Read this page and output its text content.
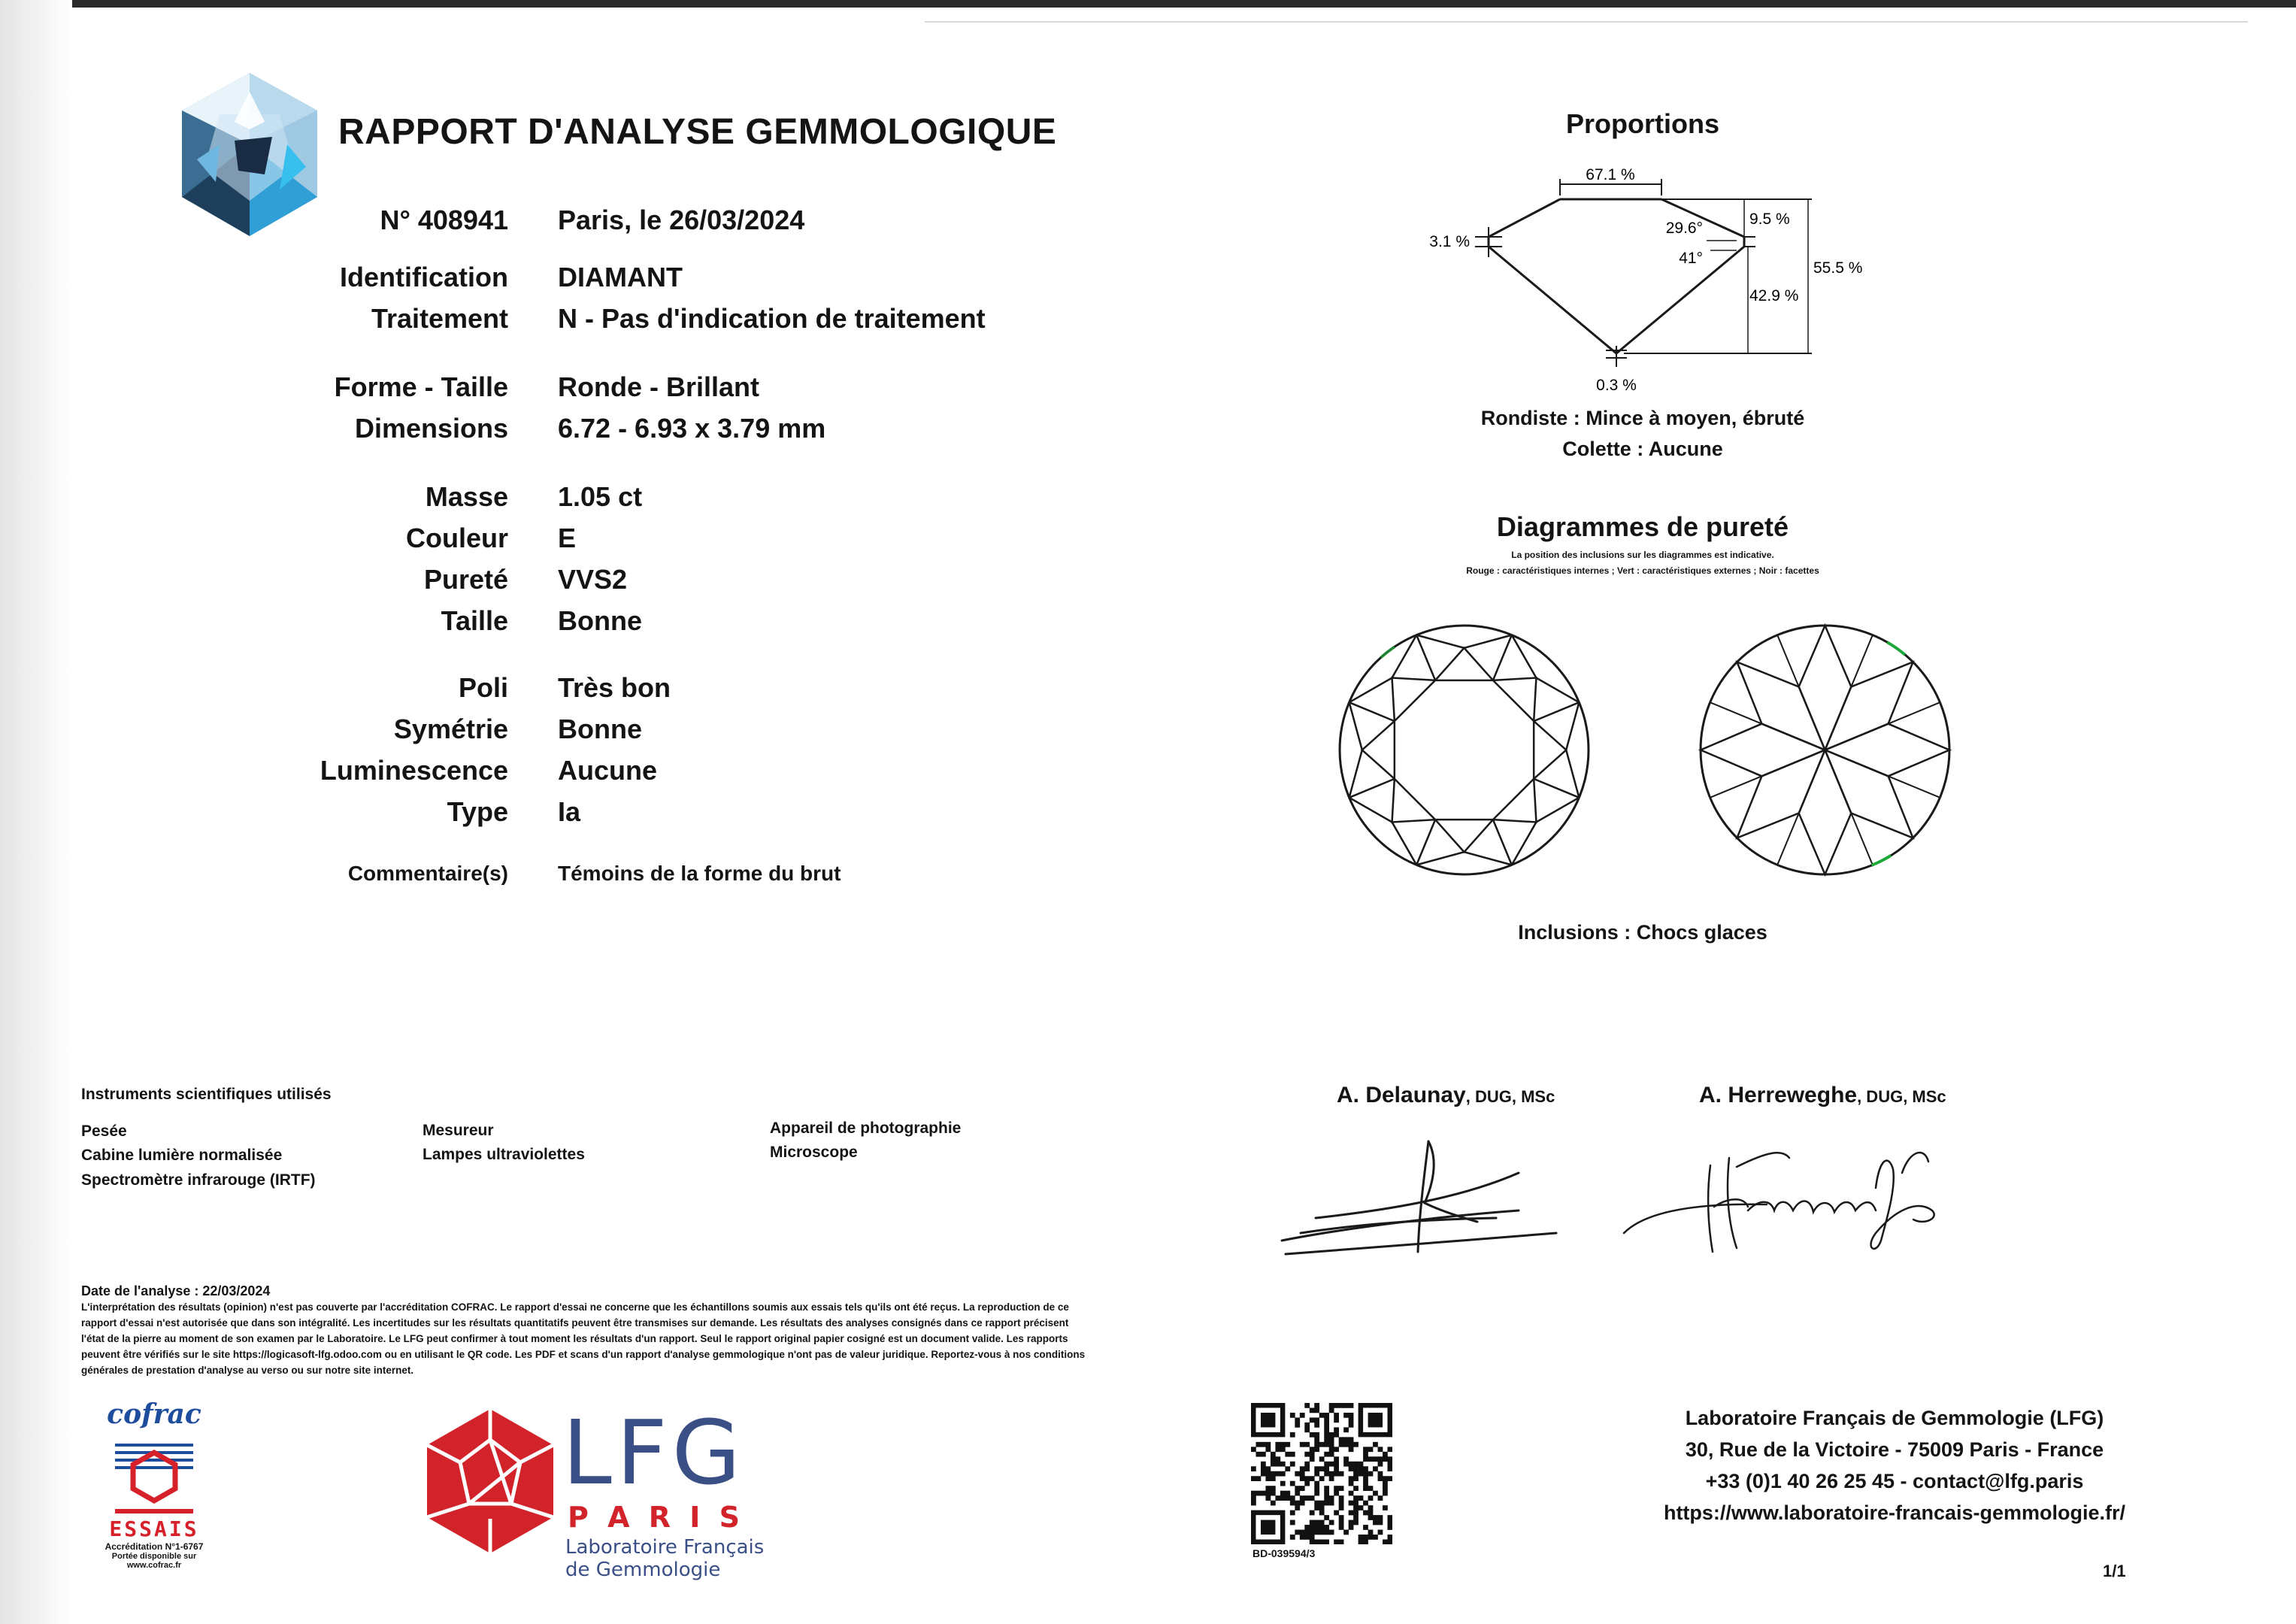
RAPPORT D'ANALYSE GEMMOLOGIQUE
N° 408941 Paris, le 26/03/2024
Identification DIAMANT
Traitement N - Pas d'indication de traitement
Forme - Taille Ronde - Brillant
Dimensions 6.72 - 6.93 x 3.79 mm
Masse 1.05 ct
Couleur E
Pureté VVS2
Taille Bonne
Poli Très bon
Symétrie Bonne
Luminescence Aucune
Type Ia
Commentaire(s) Témoins de la forme du brut
Proportions
67.1 %
29.6°
41°
9.5 %
42.9 %
55.5 %
3.1 %
0.3 %
Rondiste : Mince à moyen, ébruté
Colette : Aucune
Diagrammes de pureté
La position des inclusions sur les diagrammes est indicative.
Rouge : caractéristiques internes ; Vert : caractéristiques externes ; Noir : facettes
Inclusions : Chocs glaces
Instruments scientifiques utilisés
Pesée
Cabine lumière normalisée
Spectromètre infrarouge (IRTF)
Mesureur
Lampes ultraviolettes
Appareil de photographie
Microscope
Date de l'analyse : 22/03/2024
L'interprétation des résultats (opinion) n'est pas couverte par l'accréditation COFRAC. Le rapport d'essai ne concerne que les échantillons soumis aux essais tels qu'ils ont été reçus. La reproduction de ce rapport d'essai n'est autorisée que dans son intégralité. Les incertitudes sur les résultats quantitatifs peuvent être transmises sur demande. Les résultats des analyses consignés dans ce rapport précisent l'état de la pierre au moment de son examen par le Laboratoire. Le LFG peut confirmer à tout moment les résultats d'un rapport. Seul le rapport original papier cosigné est un document valide. Les rapports peuvent être vérifiés sur le site https://logicasoft-lfg.odoo.com ou en utilisant le QR code. Les PDF et scans d'un rapport d'analyse gemmologique n'ont pas de valeur juridique. Reportez-vous à nos conditions générales de prestation d'analyse au verso ou sur notre site internet.
A. Delaunay, DUG, MSc	A. Herreweghe, DUG, MSc
cofrac
ESSAIS
Accréditation N°1-6767
Portée disponible sur
www.cofrac.fr
LFG
P A R I S
Laboratoire Français
de Gemmologie
BD-039594/3
Laboratoire Français de Gemmologie (LFG)
30, Rue de la Victoire - 75009 Paris - France
+33 (0)1 40 26 25 45 - contact@lfg.paris
https://www.laboratoire-francais-gemmologie.fr/
1/1
